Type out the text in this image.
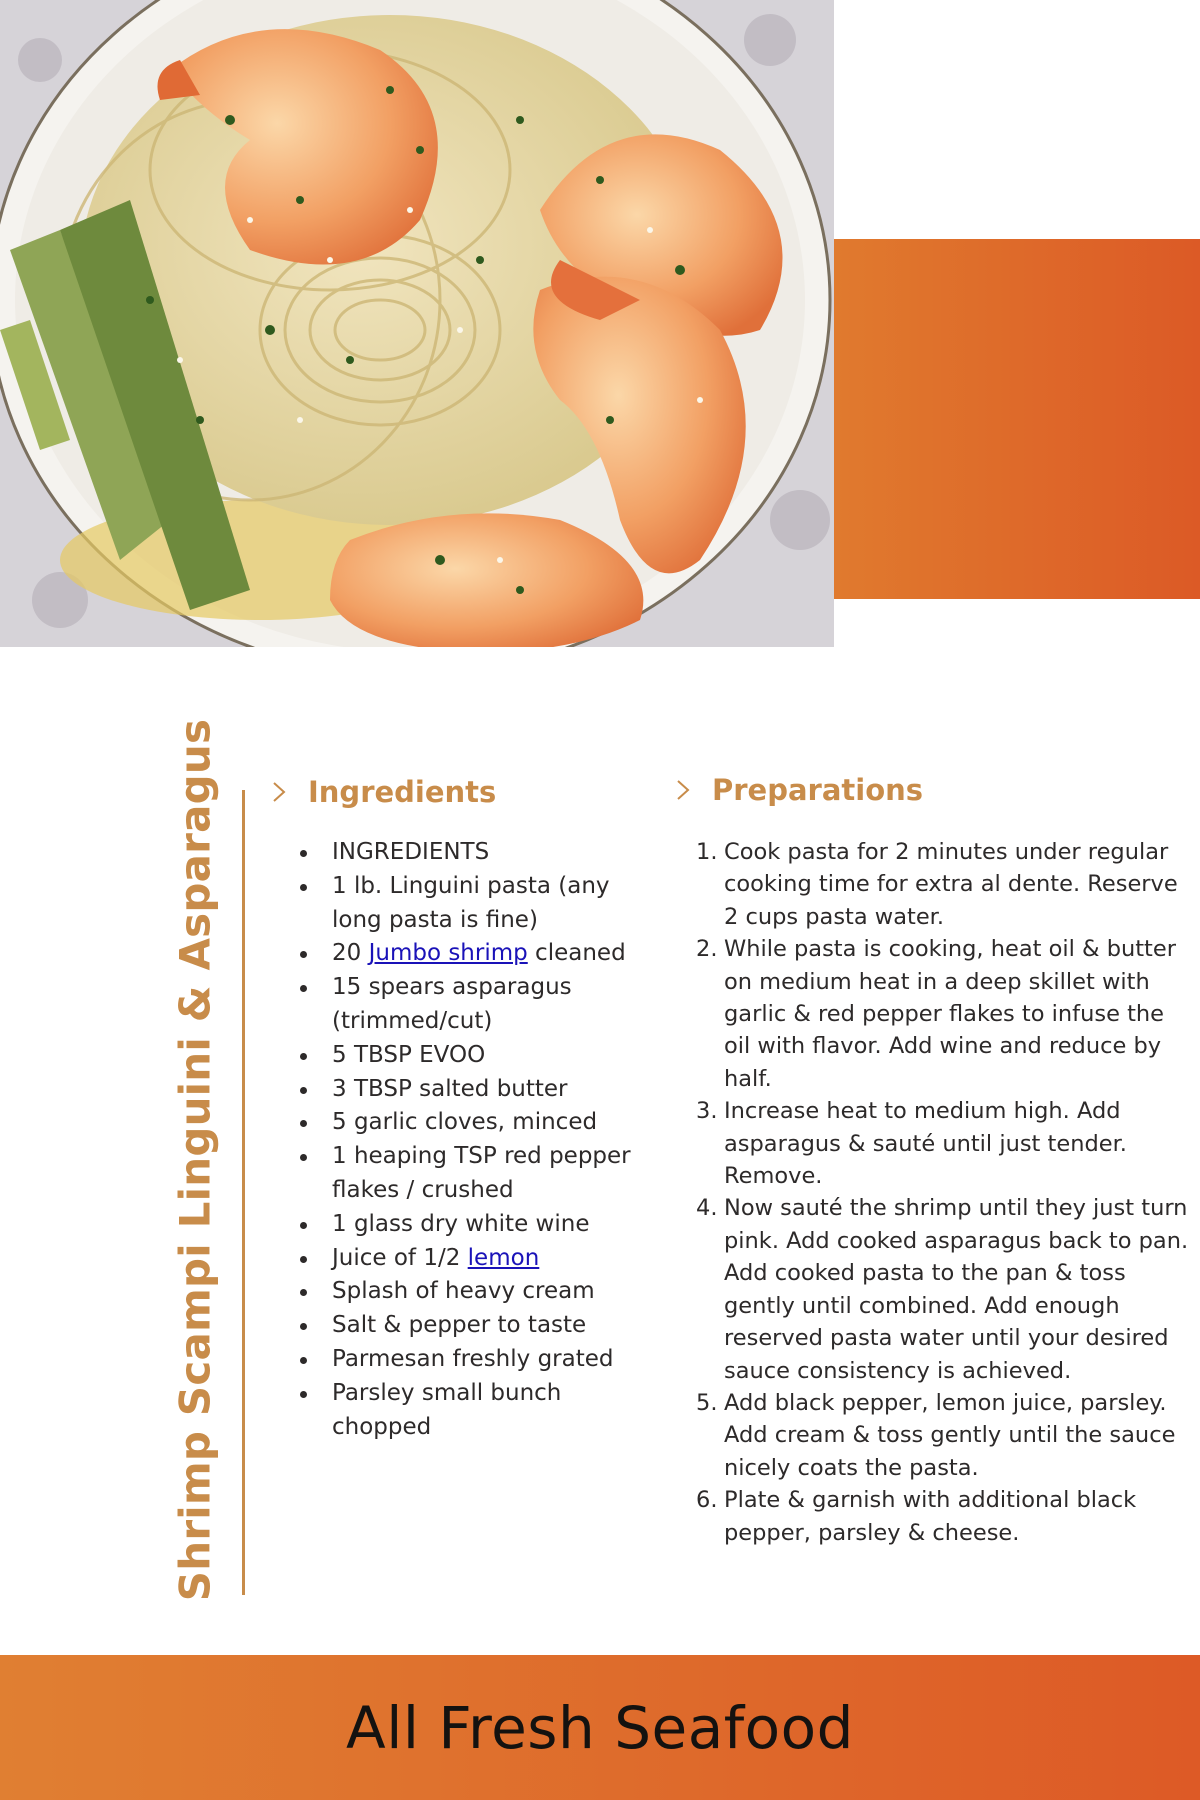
Shrimp Scampi Linguini & Asparagus	Ingredients
INGREDIENTS
1 lb. Linguini pasta (any long pasta is fine)
20 Jumbo shrimp cleaned
15 spears asparagus (trimmed/cut)
5 TBSP EVOO
3 TBSP salted butter
5 garlic cloves, minced
1 heaping TSP red pepper flakes / crushed
1 glass dry white wine
Juice of 1/2 lemon
Splash of heavy cream
Salt & pepper to taste
Parmesan freshly grated
Parsley small bunch chopped
Preparations
1. Cook pasta for 2 minutes under regular cooking time for extra al dente. Reserve 2 cups pasta water.
2. While pasta is cooking, heat oil & butter on medium heat in a deep skillet with garlic & red pepper flakes to infuse the oil with flavor. Add wine and reduce by half.
3. Increase heat to medium high. Add asparagus & sauté until just tender. Remove.
4. Now sauté the shrimp until they just turn pink. Add cooked asparagus back to pan. Add cooked pasta to the pan & toss gently until combined. Add enough reserved pasta water until your desired sauce consistency is achieved.
5. Add black pepper, lemon juice, parsley. Add cream & toss gently until the sauce nicely coats the pasta.
6. Plate & garnish with additional black pepper, parsley & cheese.
All Fresh Seafood
